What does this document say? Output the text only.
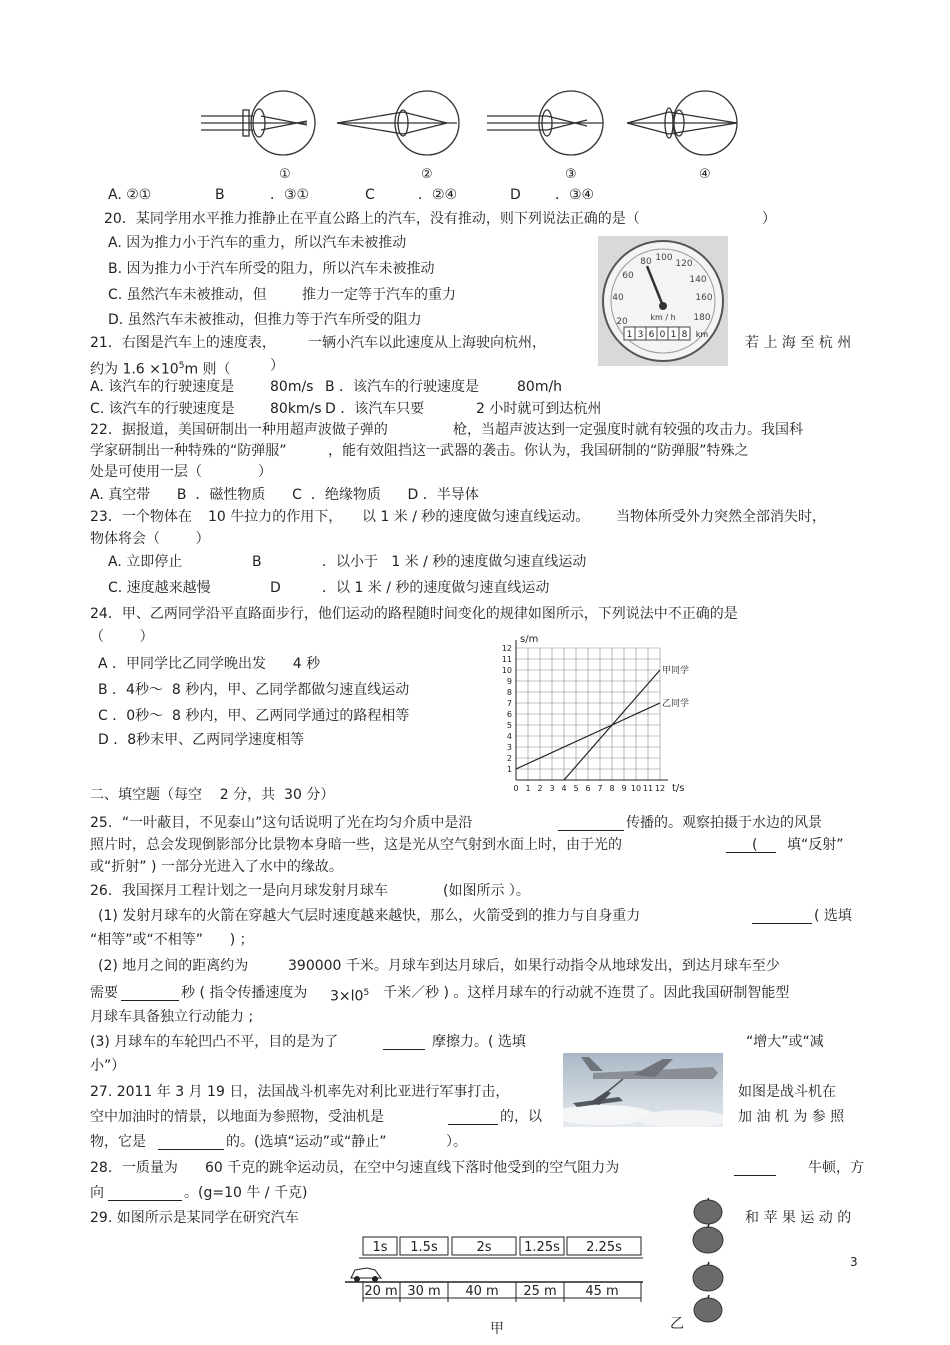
①	②	③	④
A. ②①	B	．③①	C	．②④	D ．③④
20．某同学用水平推力推静止在平直公路上的汽车，没有推动，则下列说法正确的是（	）
A. 因为推力小于汽车的重力，所以汽车未被推动
B. 因为推力小于汽车所受的阻力，所以汽车未被推动
C. 虽然汽车未被推动，但	推力一定等于汽车的重力
D. 虽然汽车未被推动，但推力等于汽车所受的阻力	20
40
60
80 100
120
140
160
180
km / h
1 3 6 0 1 8 km
21．右图是汽车上的速度表， 一辆小汽车以此速度从上海驶向杭州，	若 上 海 至 杭 州
约为 $1.6 \times 10^5m$ 则（	）
A. 该汽车的行驶速度是	80m/s B ．该汽车的行驶速度是	80m/h
C. 该汽车的行驶速度是	80km/s D ．该汽车只要	2 小时就可到达杭州
22．据报道，美国研制出一种用超声波做子弹的	枪，当超声波达到一定强度时就有较强的攻击力。我国科
学家研制出一种特殊的“防弹服”	，能有效阻挡这一武器的袭击。你认为，我国研制的“防弹服”特殊之
处是可使用一层（	）
A. 真空带      B  ．磁性物质      C  ．绝缘物质      D ．半导体
23．一个物体在 10 牛拉力的作用下， 以 1 米 / 秒的速度做匀速直线运动。 当物体所受外力突然全部消失时，
物体将会（        ）
A. 立即停止	B	．以小于   1 米 / 秒的速度做匀速直线运动
C. 速度越来越慢	D	．以 1 米 / 秒的速度做匀速直线运动
24．甲、乙两同学沿平直路面步行，他们运动的路程随时间变化的规律如图所示，下列说法中不正确的是
（        ）
A ．甲同学比乙同学晚出发      4 秒
B ．4秒～  8 秒内，甲、乙同学都做匀速直线运动
C ．0秒～  8 秒内，甲、乙两同学通过的路程相等
D ．8秒末甲、乙两同学速度相等
甲同学
乙同学
0 1 2 3 4 5 6 7 8 9 10 11 12
1
2
3
4
5
6
7
8
9
10
11
12
s/m
t/s
二、填空题（每空    2 分，共  30 分）
25．“一叶蔽目，不见泰山”这句话说明了光在均匀介质中是沿	传播的。观察拍摄于水边的风景
照片时，总会发现倒影部分比景物本身暗一些，这是光从空气射到水面上时，由于光的	( 填“反射”
或“折射” ) 一部分光进入了水中的缘故。
26．我国探月工程计划之一是向月球发射月球车	(如图所示 ）。
(1) 发射月球车的火箭在穿越大气层时速度越来越快，那么，火箭受到的推力与自身重力	( 选填
“相等”或“不相等”      ) ；
(2) 地月之间的距离约为	390000 千米。月球车到达月球后，如果行动指令从地球发出，到达月球车至少
需要	秒 ( 指令传播速度为 $3\times l0^5$ 千米／秒 ) 。这样月球车的行动就不连贯了。因此我国研制智能型
月球车具备独立行动能力 ;
(3) 月球车的车轮凹凸不平，目的是为了	摩擦力。( 选填	“增大”或“减
小”）
27. 2011 年 3 月 19 日，法国战斗机率先对利比亚进行军事打击，	如图是战斗机在
空中加油时的情景，以地面为参照物，受油机是	的，以	加 油 机 为 参 照
物，它是	的。(选填“运动”或“静止”	）。
28．一质量为 60 千克的跳伞运动员，在空中匀速直线下落时他受到的空气阻力为	牛顿，方
向	。(g=10 牛 / 千克)
29. 如图所示是某同学在研究汽车	和 苹 果 运 动 的
1s 1.5s	2s	1.25s 2.25s
20 m 30 m 40 m 25 m 45 m
甲	乙
3
